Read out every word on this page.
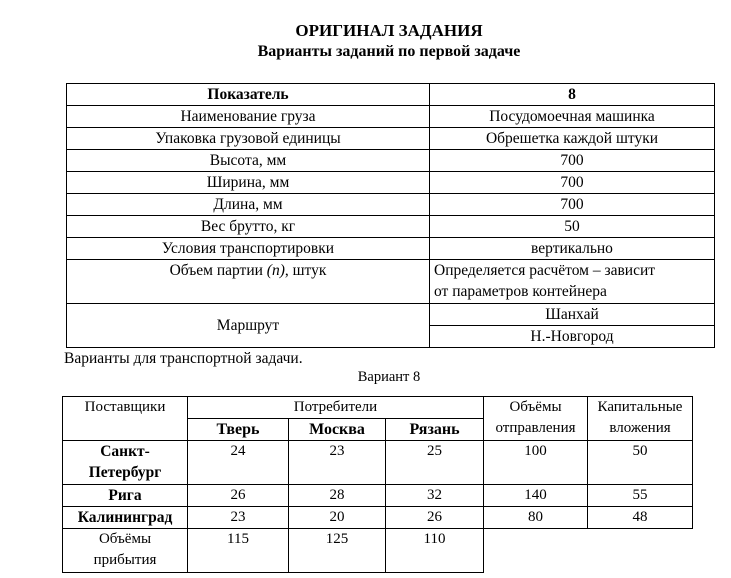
ОРИГИНАЛ ЗАДАНИЯ
Варианты заданий по первой задаче
Показатель	8
Наименование груза	Посудомоечная машинка
Упаковка грузовой единицы	Обрешетка каждой штуки
Высота, мм	700
Ширина, мм	700
Длина, мм	700
Вес брутто, кг	50
Условия транспортировки	вертикально
Объем партии (n), штук	Определяется расчётом – зависит
от параметров контейнера

Маршрут	Шанхай
	Н.-Новгород
Варианты для транспортной задачи.
Вариант 8
Поставщики	Потребители			Объёмы отправления	Капитальные вложения
	Тверь	Москва	Рязань		
Санкт-Петербург	24	23	25	100	50
Рига	26	28	32	140	55
Калининград	23	20	26	80	48
Объёмы прибытия	115	125	110		
